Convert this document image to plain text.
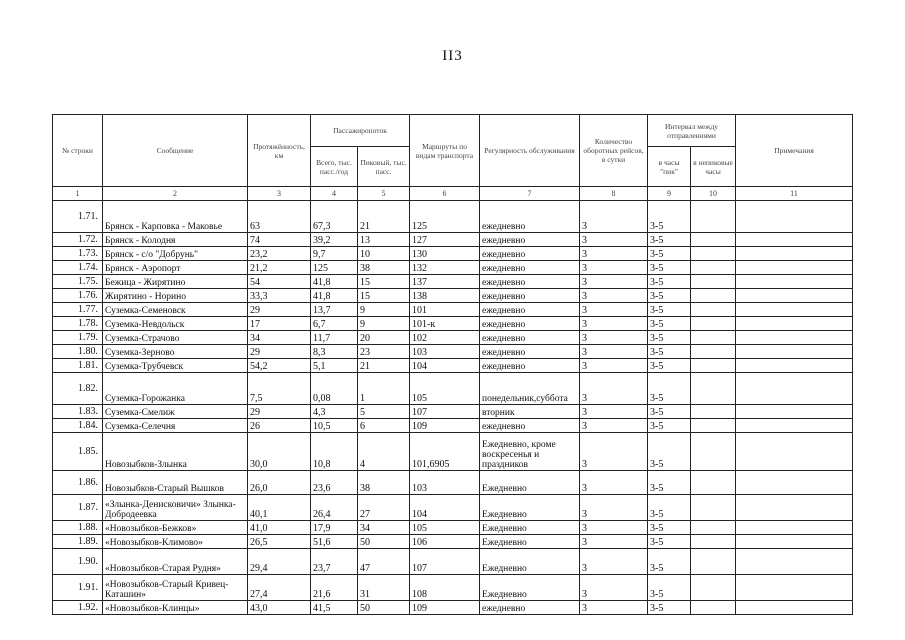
II3
№ строки	Сообщение	Протяжённость, км	Пассажиропоток		Маршруты по видам транспорта	Регулярность обслуживания	Количество оборотных рейсов, в сутки	Интервал между отправлениями		Примечания
			Всего, тыс. пасс./год	Пиковый, тыс. пасс.				в часы "пик"	в непиковые часы	
1	2	3	4	5	6	7	8	9	10	11
1.71.	Брянск - Карповка - Маковье	63	67,3	21	125	ежедневно	3	3-5		
1.72.	Брянск - Колодня	74	39,2	13	127	ежедневно	3	3-5		
1.73.	Брянск - с/о "Добрунь"	23,2	9,7	10	130	ежедневно	3	3-5		
1.74.	Брянск - Аэропорт	21,2	125	38	132	ежедневно	3	3-5		
1.75.	Бежица - Жирятино	54	41,8	15	137	ежедневно	3	3-5		
1.76.	Жирятино - Норино	33,3	41,8	15	138	ежедневно	3	3-5		
1.77.	Суземка-Семеновск	29	13,7	9	101	ежедневно	3	3-5		
1.78.	Суземка-Невдольск	17	6,7	9	101-к	ежедневно	3	3-5		
1.79.	Суземка-Страчово	34	11,7	20	102	ежедневно	3	3-5		
1.80.	Суземка-Зерново	29	8,3	23	103	ежедневно	3	3-5		
1.81.	Суземка-Трубчевск	54,2	5,1	21	104	ежедневно	3	3-5		
1.82.	Суземка-Горожанка	7,5	0,08	1	105	понедельник,суббота	3	3-5		
1.83.	Суземка-Смелиж	29	4,3	5	107	вторник	3	3-5		
1.84.	Суземка-Селечня	26	10,5	6	109	ежедневно	3	3-5		
1.85.	Новозыбков-Злынка	30,0	10,8	4	101,6905	Ежедневно, кроме воскресенья и праздников	3	3-5		
1.86.	Новозыбков-Старый Вышков	26,0	23,6	38	103	Ежедневно	3	3-5		
1.87.	«Злынка-Денисковичи» Злынка-Добродеевка	40,1	26,4	27	104	Ежедневно	3	3-5		
1.88.	«Новозыбков-Бежков»	41,0	17,9	34	105	Ежедневно	3	3-5		
1.89.	«Новозыбков-Климово»	26,5	51,6	50	106	Ежедневно	3	3-5		
1.90.	«Новозыбков-Старая Рудня»	29,4	23,7	47	107	Ежедневно	3	3-5		
1.91.	«Новозыбков-Старый Кривец-Каташин»	27,4	21,6	31	108	Ежедневно	3	3-5		
1.92.	«Новозыбков-Клинцы»	43,0	41,5	50	109	ежедневно	3	3-5		
